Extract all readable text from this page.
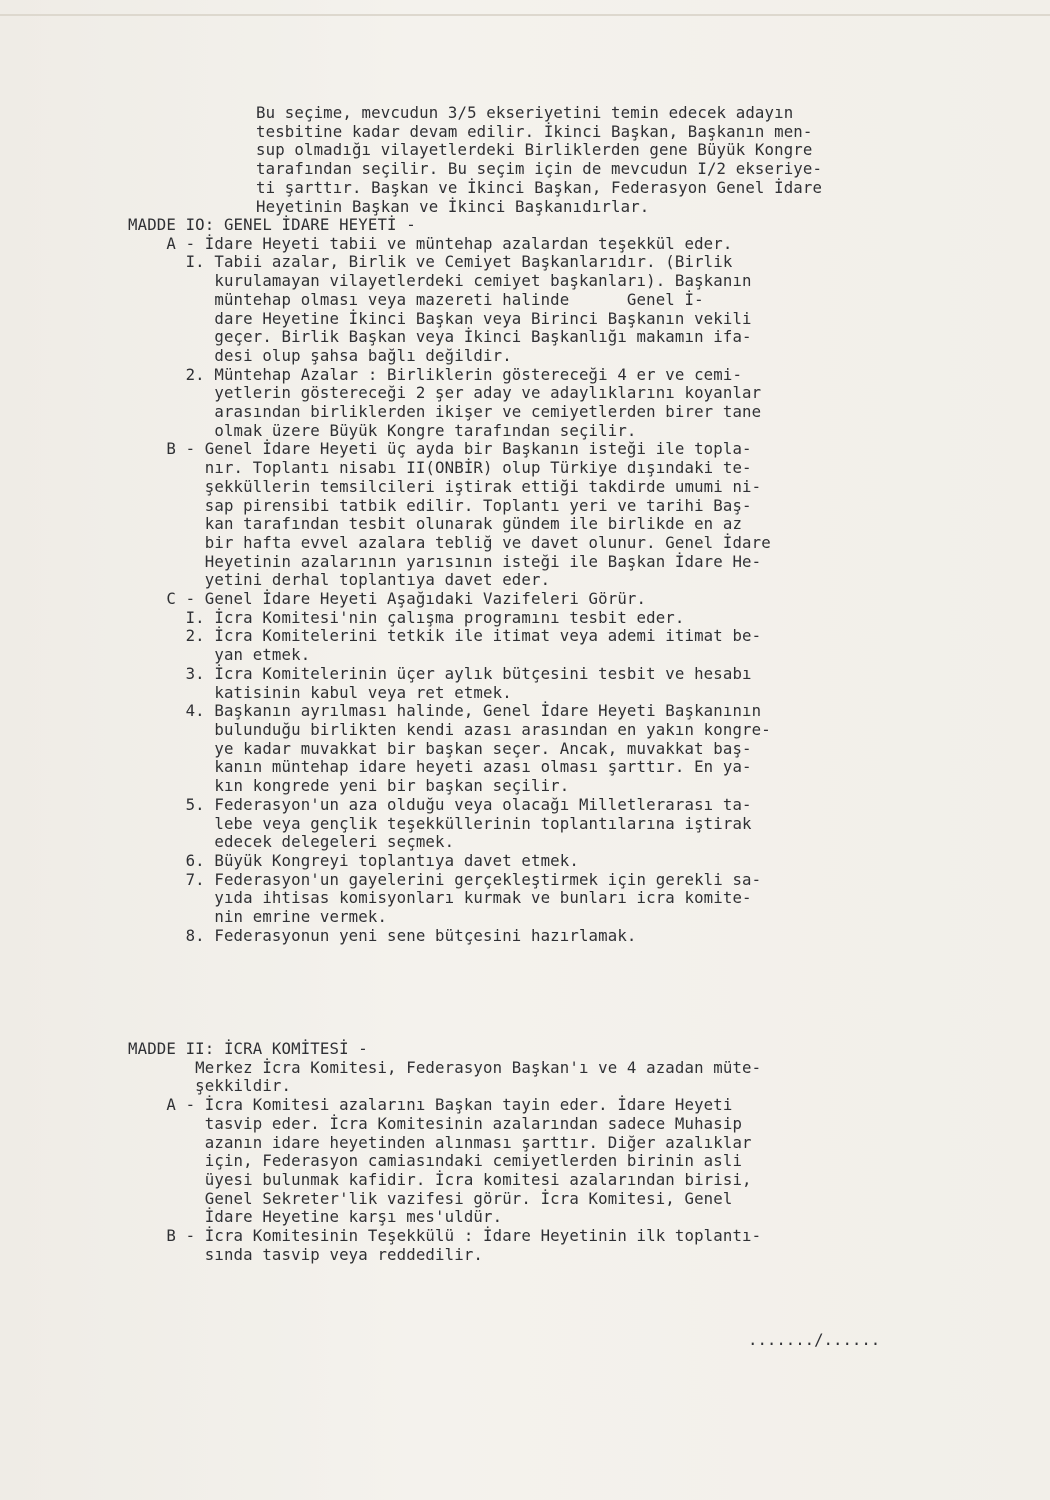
Bu seçime, mevcudun 3/5 ekseriyetini temin edecek adayın
tesbitine kadar devam edilir. İkinci Başkan, Başkanın men-
sup olmadığı vilayetlerdeki Birliklerden gene Büyük Kongre
tarafından seçilir. Bu seçim için de mevcudun I/2 ekseriye-
ti şarttır. Başkan ve İkinci Başkan, Federasyon Genel İdare
Heyetinin Başkan ve İkinci Başkanıdırlar.
MADDE IO: GENEL İDARE HEYETİ -
A - İdare Heyeti tabii ve müntehap azalardan teşekkül eder.
I. Tabii azalar, Birlik ve Cemiyet Başkanlarıdır. (Birlik
kurulamayan vilayetlerdeki cemiyet başkanları). Başkanın
müntehap olması veya mazereti halinde      Genel İ-
dare Heyetine İkinci Başkan veya Birinci Başkanın vekili
geçer. Birlik Başkan veya İkinci Başkanlığı makamın ifa-
desi olup şahsa bağlı değildir.
2. Müntehap Azalar : Birliklerin göstereceği 4 er ve cemi-
yetlerin göstereceği 2 şer aday ve adaylıklarını koyanlar
arasından birliklerden ikişer ve cemiyetlerden birer tane
olmak üzere Büyük Kongre tarafından seçilir.
B - Genel İdare Heyeti üç ayda bir Başkanın isteği ile topla-
nır. Toplantı nisabı II(ONBİR) olup Türkiye dışındaki te-
şekküllerin temsilcileri iştirak ettiği takdirde umumi ni-
sap pirensibi tatbik edilir. Toplantı yeri ve tarihi Baş-
kan tarafından tesbit olunarak gündem ile birlikde en az
bir hafta evvel azalara tebliğ ve davet olunur. Genel İdare
Heyetinin azalarının yarısının isteği ile Başkan İdare He-
yetini derhal toplantıya davet eder.
C - Genel İdare Heyeti Aşağıdaki Vazifeleri Görür.
I. İcra Komitesi'nin çalışma programını tesbit eder.
2. İcra Komitelerini tetkik ile itimat veya ademi itimat be-
yan etmek.
3. İcra Komitelerinin üçer aylık bütçesini tesbit ve hesabı
katisinin kabul veya ret etmek.
4. Başkanın ayrılması halinde, Genel İdare Heyeti Başkanının
bulunduğu birlikten kendi azası arasından en yakın kongre-
ye kadar muvakkat bir başkan seçer. Ancak, muvakkat baş-
kanın müntehap idare heyeti azası olması şarttır. En ya-
kın kongrede yeni bir başkan seçilir.
5. Federasyon'un aza olduğu veya olacağı Milletlerarası ta-
lebe veya gençlik teşekküllerinin toplantılarına iştirak
edecek delegeleri seçmek.
6. Büyük Kongreyi toplantıya davet etmek.
7. Federasyon'un gayelerini gerçekleştirmek için gerekli sa-
yıda ihtisas komisyonları kurmak ve bunları icra komite-
nin emrine vermek.
8. Federasyonun yeni sene bütçesini hazırlamak.
MADDE II: İCRA KOMİTESİ -
Merkez İcra Komitesi, Federasyon Başkan'ı ve 4 azadan müte-
şekkildir.
A - İcra Komitesi azalarını Başkan tayin eder. İdare Heyeti
tasvip eder. İcra Komitesinin azalarından sadece Muhasip
azanın idare heyetinden alınması şarttır. Diğer azalıklar
için, Federasyon camiasındaki cemiyetlerden birinin asli
üyesi bulunmak kafidir. İcra komitesi azalarından birisi,
Genel Sekreter'lik vazifesi görür. İcra Komitesi, Genel
İdare Heyetine karşı mes'uldür.
B - İcra Komitesinin Teşekkülü : İdare Heyetinin ilk toplantı-
sında tasvip veya reddedilir.
......./......
